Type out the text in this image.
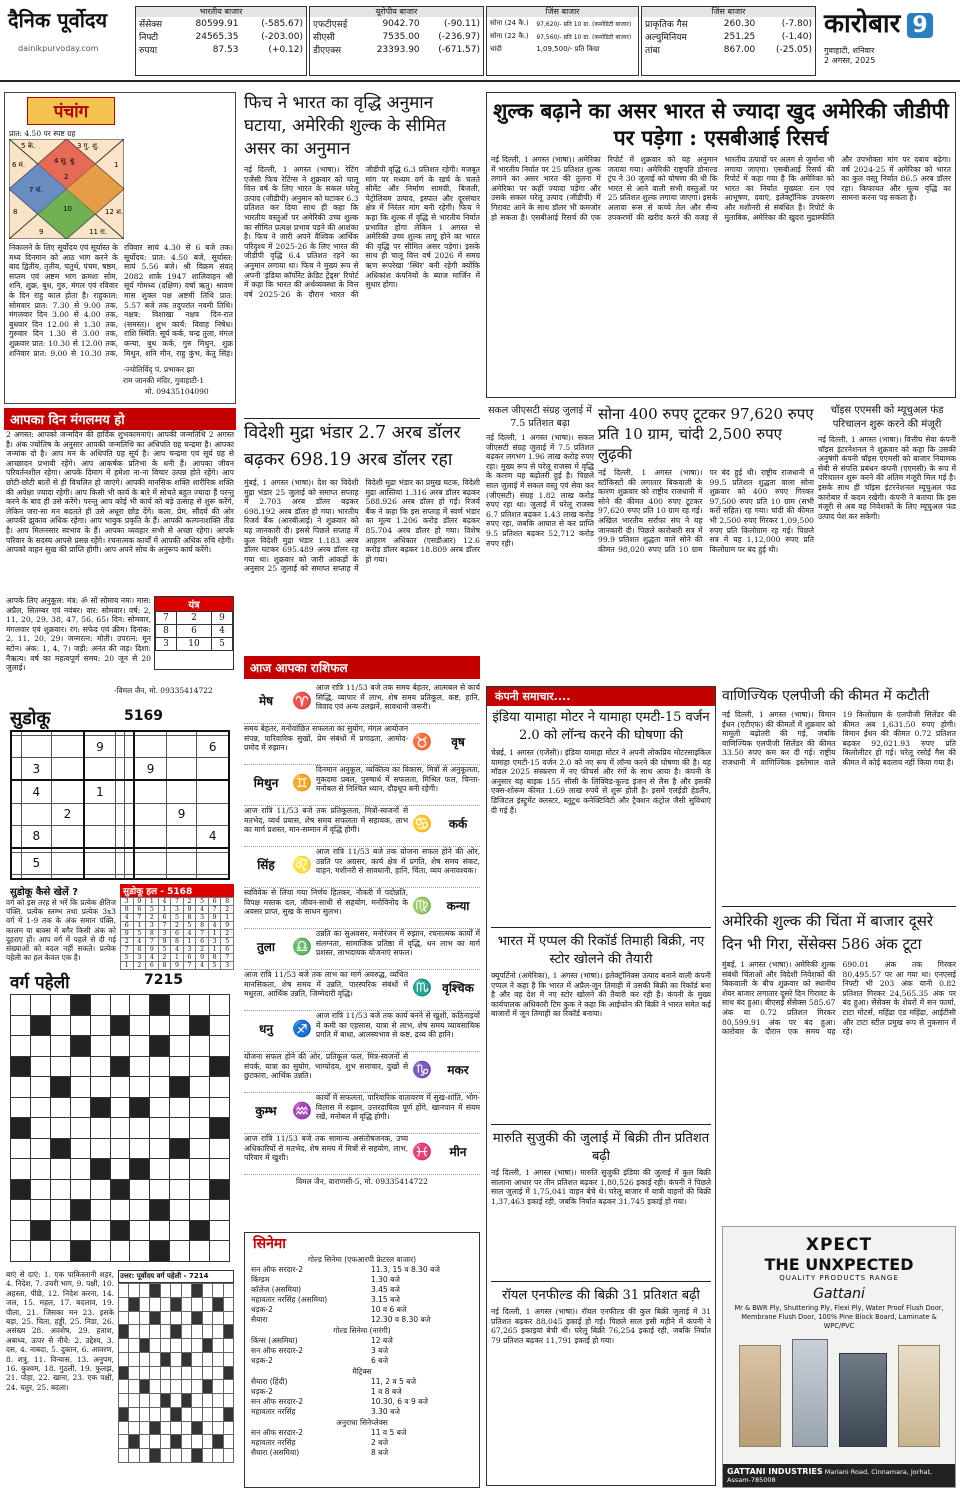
दैनिक पूर्वोदय
dainikpurvoday.com
भारतीय बाजार
सेंसेक्स	80599.91	(-585.67)
निफ्टी	24565.35	(-203.00)
रुपया	87.53	(+0.12)
यूरोपीय बाजार
एफटीएसई	9042.70	(-90.11)
सीएसी	7535.00	(-236.97)
डीएएक्स	23393.90	(-671.57)
जिंस बाजार
सोना (24 कै.)	97,620/- प्रति 10 ग्रा. (कमोडिटी बाजार)
सोना (22 कै.)	97,560/- प्रति 10 ग्रा. (कमोडिटी बाजार)
चांदी	1,09,500/- प्रति किग्रा
जिंस बाजार
प्राकृतिक गैस	260.30	(-7.80)
अल्युमिनियम	251.25	(-1.40)
तांबा	867.00	(-25.05)
कारोबार 9
गुवाहाटी, शनिवार
2 अगस्त, 2025
पंचांग
प्रात: 4.50 पर स्पष्ट ग्रह
5 के.	3 गु. शु.
2
6 मं.	4 सू. बु.	1
7 चं.
8	10	12 श.
9	11 रा.
निकालने के लिए सूर्योदय एवं सूर्यास्त के मध्य दिनमान को आठ भाग करने के बाद द्वितीय, तृतीय, चतुर्थ, पंचम, षष्ठम, सप्तम एवं अष्टम भाग क्रमशः सोम, शनि, शुक्र, बुध, गुरु, मंगल एवं रविवार के दिन राहु काल होता है। राहुकाल: सोमवार प्रात: 7.30 से 9.00 तक, मंगलवार दिन 3.00 से 4.00 तक, बुधवार दिन 12.00 से 1.30 तक, गुरुवार दिन 1.30 से 3.00 तक, शुक्रवार प्रात: 10.30 से 12.00 तक, शनिवार प्रात: 9.00 से 10.30 तक, रविवार सायं 4.30 से 6 बजे तक। सूर्योदय: प्रात: 4.50 बजे, सूर्यास्त: सायं 5.56 बजे। श्री विक्रम संवत् 2082 शाके 1947 शालिवाहन श्री सूर्य गोमध्य (दक्षिण) वर्षा ऋतु। श्रावण मास शुक्ल पक्ष अष्टमी तिथि प्रात: 5.57 बजे तक तदुपरांत नवमी तिथि। नक्षत्र: विशाखा नक्षत्र दिन-रात (समस्त)। शुभ कार्य: विवाह निषेध। राशि स्थिति: सूर्य कर्क, चन्द्र तुला, मंगल कन्या, बुध कर्क, गुरु मिथुन, शुक्र मिथुन, शनि मीन, राहु कुंभ, केतु सिंह।
-ज्योतिर्विद् पं. प्रभाकर झा
राम जानकी मंदिर, गुवाहाटी-1
मो. 09435104090
आपका दिन मंगलमय हो
2 अगस्त: आपको जन्मदिन की हार्दिक शुभकामनाएं। आपकी जन्मतिथि 2 अगस्त है। अंक ज्योतिष के अनुसार आपकी जन्मतिथि का अधिपति ग्रह चन्द्रमा है। आपका जन्मांक दो है। आप मन के अधिपति ग्रह सूर्य है। आप चन्द्रमा एवं सूर्य ग्रह से आच्छादन प्रभावी रहेंगे। आप आकर्षक प्रतिभा के धनी हैं। आपका जीवन परिवर्तनशील रहेगा। आपके दिमाग में हमेशा ना-ना विचार उत्पन्न होते रहेंगे। आप छोटी-छोटी बातों से ही विचलित हो जाएंगे। आपकी मानसिक शक्ति शारीरिक शक्ति की अपेक्षा ज्यादा रहेगी। आप किसी भी कार्य के बारे में सोचते बहुत ज्यादा हैं परन्तु करने के बाद ही उसे करेंगे। परन्तु आप कोई भी कार्य को बड़े उत्साह से शुरू करेंगे, लेकिन जरा-सा मन बदलते ही उसे अधूरा छोड़ देंगे। कला, प्रेम, सौंदर्य की ओर आपकी झुकाव अधिक रहेगा। आप भावुक प्रकृति के हैं। आपकी कल्पनाशक्ति तीव्र है। आप मिलनसार स्वभाव के हैं। आपका व्यवहार सभी से अच्छा रहेगा। आपके परिवार के सदस्य आपसे प्रसन्न रहेंगे। रचनात्मक कार्यों में आपकी अधिक रुचि रहेगी। आपको वाहन सुख की प्राप्ति होगी। आप अपने सोच के अनुरूप कार्य करेंगे।
यंत्र
7	2	9
8	6	4
3	10	5
आपके लिए अनुकूल: मंत्र: ॐ सों सोमाय नमः। मास: अप्रैल, सितम्बर एवं नवंबर। वार: सोमवार। वर्ष: 2, 11, 20, 29, 38, 47, 56, 65। दिन: सोमवार, मंगलवार एवं शुक्रवार। रंग: सफेद एवं क्रीम। दिनांक: 2, 11, 20, 29। जन्मरत्न: मोती। उपरत्न: मून स्टोन। अंक: 1, 4, 7। जड़ी: अनंत की जड़। दिशा: नैऋत्य। वर्ष का महत्वपूर्ण समय: 20 जून से 20 जुलाई।
-विमल जैन, मो. 09335414722
सुडोकू	5169

			9					6
	3					9		
	4		1					
		2					9	
	8							4

	5							

सुडोकू कैसे खेलें ?
वर्ग को इस तरह से भरें कि प्रत्येक क्षैतिज पंक्ति, प्रत्येक स्तम्भ तथा प्रत्येक 3x3 वर्ग में 1-9 तक के अंक समान पंक्ति, कालम या बाक्स में बगैर किसी अंक को दुहराए हों। आप वर्ग में पहले से दी गई संख्याओं को बदल नहीं सकते। प्रत्येक पहेली का हल केवल एक है।
सुडोकू हल - 5168
3	9	1	4	7	2	5	6	8
8	6	5	1	3	9	4	7	2
4	7	2	6	5	8	3	9	1
6	1	3	7	2	5	8	4	9
9	5	8	3	6	4	7	1	2
2	4	7	9	8	1	6	3	5
7	8	9	5	4	3	2	1	6
5	3	4	2	1	6	9	8	7
1	2	6	8	9	7	4	5	3
वर्ग पहेली	7215

बाएं से दाएं: 1. एक पाकिस्तानी शहर, 4. निदेश, 7. उचरी भाग, 9. पक्षी, 10. अहस्ता, पीछे, 12. निदेश करना, 14. जल, 15. महल, 17. बदलाव, 19. पीला, 21. जिसका मन 23. इसके बड़ा, 25. चिता, हड्डी, 25. निडा, 26. असंख्य 28. अवशेष, 29. हताश, अबाध्य, ऊपर से नीचे: 2. उद्देश्य, 3. दस, 4. नाबदा, 5. दुकान, 6. आवरण, 8. शत्रु, 11. विन्यास, 13. अनुपम, 16. कुश्वम, 18. गुठली, 19. फुलझ, 21. पोहा, 22. खाना, 23. एक पक्षी, 24. चतुर, 25. बदला।
उत्तर: पूर्वोदय वर्ग पहेली - 7214

फिच ने भारत का वृद्धि अनुमान घटाया, अमेरिकी शुल्क के सीमित असर का अनुमान
नई दिल्ली, 1 अगस्त (भाषा)। रेटिंग एजेंसी फिच रेटिंग्स ने शुक्रवार को चालू वित्त वर्ष के लिए भारत के सकल घरेलू उत्पाद (जीडीपी) अनुमान को घटाकर 6.3 प्रतिशत कर दिया साथ ही कहा कि भारतीय वस्तुओं पर अमेरिकी उच्च शुल्क का सीमित प्रत्यक्ष प्रभाव पड़ने की आशंका है। फिच ने जारी अपने वैश्विक आर्थिक परिदृश्य में 2025-26 के लिए भारत की जीडीपी वृद्धि 6.4 प्रतिशत रहने का अनुमान लगाया था। फिच ने मुख्य रूप से अपनी 'इंडिया कॉर्पोरेट क्रेडिट ट्रेंड्स' रिपोर्ट में कहा कि भारत की अर्थव्यवस्था के वित्त वर्ष 2025-26 के दौरान भारत की जीडीपी वृद्धि 6.3 प्रतिशत रहेगी। मजबूत मांग पर मध्यम वर्ग के खर्च के चलते सीमेंट और निर्माण सामग्री, बिजली, पेट्रोलियम उत्पाद, इस्पात और दूरसंचार क्षेत्र में निरंतर मांग बनी रहेगी। फिच ने कहा कि शुल्क में वृद्धि से भारतीय निर्यात प्रभावित होगा लेकिन 1 अगस्त से अमेरिकी उच्च शुल्क लागू होने का भारत की वृद्धि पर सीमित असर पड़ेगा। इसके साथ ही चालू वित्त वर्ष 2026 में समग्र ऋण रूपरेखा 'स्थिर' बनी रहेगी क्योंकि अधिकांश कंपनियों के ब्याज मार्जिन में सुधार होगा।
विदेशी मुद्रा भंडार 2.7 अरब डॉलर बढ़कर 698.19 अरब डॉलर रहा
मुंबई, 1 अगस्त (भाषा)। देश का विदेशी मुद्रा भंडार 25 जुलाई को समाप्त सप्ताह में 2.703 अरब डॉलर बढ़कर 698.192 अरब डॉलर हो गया। भारतीय रिजर्व बैंक (आरबीआई) ने शुक्रवार को यह जानकारी दी। इससे पिछले सप्ताह में कुल विदेशी मुद्रा भंडार 1.183 अरब डॉलर घटकर 695.489 अरब डॉलर रह गया था। शुक्रवार को जारी आंकड़ों के अनुसार 25 जुलाई को समाप्त सप्ताह में विदेशी मुद्रा भंडार का प्रमुख घटक, विदेशी मुद्रा आस्तियां 1.316 अरब डॉलर बढ़कर 588.926 अरब डॉलर हो गईं। रिजर्व बैंक ने कहा कि इस सप्ताह में स्वर्ण भंडार का मूल्य 1.206 करोड़ डॉलर बढ़कर 85.704 अरब डॉलर हो गया। विशेष आहरण अधिकार (एसडीआर) 12.6 करोड़ डॉलर बढ़कर 18.809 अरब डॉलर हो गया।
आज आपका राशिफल
मेष	♈
आज रात्रि 11/53 बजे तक समय बेहतर, आत्मबल से कार्य सिद्धि, व्यापार में लाभ, शेष समय प्रतिकूल, कष्ट, हानि, विवाद एवं अन्य उलझनें, सावधानी जरूरी।
वृष
♉
समय बेहतर, मनोवांछित सफलता का सुयोग, मंगल आयोजन संपन्न, पारिवारिक सुखों, प्रेम संबंधों में प्रगाढ़ता, आमोद-प्रमोद में रुझान।
मिथुन ♊
दिनमान अनुकूल, व्यक्तित्व का विकास, मित्रों से अनुकूलता, मुकदमा प्रबल, पुरुषार्थ में सफलता, मिश्रित फल, चिन्ता-मनोबल से निश्चित ध्यान, दौड़धूप बनी रहेगी।
कर्क
♋
आज रात्रि 11/53 बजे तक प्रतिकूलता, मित्रों-स्वजनों से मतभेद, व्यर्थ प्रयास, शेष समय सफलता में सहायक, लाभ का मार्ग प्रशस्त, मान-सम्मान में वृद्धि होगी।
सिंह	♌
आज रात्रि 11/53 बजे तक योजना सफल होने की ओर, उन्नति पर अग्रसर, कार्य क्षेत्र में प्रगति, शेष समय संकट, वाहन, मशीनरी से सावधानी, हानि, चिंता, व्यय अनावश्यक।
कन्या
♍
स्वविवेक से लिया गया निर्णय हितकर, नौकरी में पदोन्नति, विपक्ष मस्तक दल, जीवन-साथी से सहयोग, मनोविनोद के अवसर प्राप्त, सुख के साधन सुलभ।
तुला	♎
उन्नति का सुअवसर, मनोरंजन में रुझान, रचनात्मक कार्यों में संलग्नता, सामाजिक प्रतिष्ठा में वृद्धि, धन लाभ का मार्ग प्रशस्त, लाभदायक योजनाएं सफल।
वृश्चिक
♏
आज रात्रि 11/53 बजे तक लाभ का मार्ग अवरुद्ध, व्यथित मानसिकता, शेष समय में उन्नति, पारस्परिक संबंधों में मधुरता, आर्थिक उन्नति, जिम्मेदारी वृद्धि।
धनु	♐
आज रात्रि 11/53 बजे तक कार्य बनने से खुशी, कठिनाइयों में कमी का एहसास, यात्रा से लाभ, शेष समय व्यावसायिक प्रगति में बाधा, आलस्यभाव से कष्ट, द्रव्य की हानि।
मकर
♑
योजना सफल होने की ओर, प्रतिकूल फल, मित्र-स्वजनों से संपर्क, यात्रा का सुयोग, भाग्योदय, शुभ समाचार, दुखों से छुटकारा, आर्थिक उन्नति।
कुम्भ ♒
कार्यों में सफलता, पारिवारिक वातावरण में सुख-शांति, भोग-विलास में रुझान, उत्तरदायित्व पूर्ण होंगे, खानपान में संयम रखें, मनोबल में वृद्धि होगी।
मीन
♓
आज रात्रि 11/53 बजे तक सामान्य असंतोषजनक, उच्च अधिकारियों से मतभेद, शेष समय में मित्रों से सहयोग, लाभ, परिवार में खुशी।
विमल जैन, वाराणसी-5, मो. 09335414722
सिनेमा
गोल्ड सिनेमा (एफआरपी फ्रेटरल वाजार)
सन ऑफ सरदार-2	11.3, 15 व 8.30 बजे
किंग्डम	1.30 बजे
कॉलेज (असमिया)	3.45 बजे
महावतार नरसिंह (असमिया)	3.15 बजे
धड़क-2	10 व 6 बजे
सैयारा	12.30 व 8.30 बजे
गोल्ड सिनेमा (नारंगी)
किंग्स (असमिया)	12 बजे
सन ऑफ सरदार-2	3 बजे
धड़क-2	6 बजे
मैट्रिक्स
सैयारा (हिंदी)	11, 2 व 5 बजे
धड़क-2	1 व 8 बजे
सन ऑफ सरदार-2	10.30, 6 व 9 बजे
महावतार नरसिंह	3.30 बजे
अनुराधा सिनेप्लेक्स
सन ऑफ सरदार-2	11 व 5 बजे
महावतार नरसिंह	2 बजे
सैयारा (असमिया)	8 बजे
शुल्क बढ़ाने का असर भारत से ज्यादा खुद अमेरिकी जीडीपी पर पड़ेगा : एसबीआई रिसर्च
नई दिल्ली, 1 अगस्त (भाषा)। अमेरिका में भारतीय निर्यात पर 25 प्रतिशत शुल्क लगाने का असर भारत की तुलना में अमेरिका पर कहीं ज्यादा पड़ेगा और उसके सकल घरेलू उत्पाद (जीडीपी) में गिरावट आने के साथ डॉलर भी कमजोर हो सकता है। एसबीआई रिसर्च की एक रिपोर्ट में शुक्रवार को यह अनुमान जताया गया। अमेरिकी राष्ट्रपति डोनाल्ड ट्रंप ने 30 जुलाई को घोषणा की थी कि भारत से आने वाली सभी वस्तुओं पर 25 प्रतिशत शुल्क लगाया जाएगा। इसके अलावा रूस से कच्चे तेल और सैन्य उपकरणों की खरीद करने की वजह से भारतीय उत्पादों पर अलग से जुर्माना भी लगाया जाएगा। एसबीआई रिसर्च की रिपोर्ट में कहा गया है कि अमेरिका को भारत का निर्यात मुख्यतः रत्न एवं आभूषण, दवाएं, इलेक्ट्रॉनिक उपकरण और मशीनरी से संबंधित है। रिपोर्ट के मुताबिक, अमेरिका की खुदरा मुद्रास्फीति और उपभोक्ता मांग पर दबाव बढ़ेगा। वर्ष 2024-25 में अमेरिका को भारत का कुल वस्तु निर्यात 86.5 अरब डॉलर रहा। किफायत और मूल्य वृद्धि का सामना करना पड़ सकता है।
सकल जीएसटी संग्रह जुलाई में 7.5 प्रतिशत बढ़ा
नई दिल्ली, 1 अगस्त (भाषा)। सकल जीएसटी संग्रह जुलाई में 7.5 प्रतिशत बढ़कर लगभग 1.96 लाख करोड़ रुपए रहा। मुख्य रूप से घरेलू राजस्व में वृद्धि के कारण यह बढ़ोतरी हुई है। पिछले साल जुलाई में सकल वस्तु एवं सेवा कर (जीएसटी) संग्रह 1.82 लाख करोड़ रुपए रहा था। जुलाई में घरेलू राजस्व 6.7 प्रतिशत बढ़कर 1.43 लाख करोड़ रुपए रहा, जबकि आयात से कर प्राप्ति 9.5 प्रतिशत बढ़कर 52,712 करोड़ रुपए रही।
सोना 400 रुपए टूटकर 97,620 रुपए प्रति 10 ग्राम, चांदी 2,500 रुपए लुढ़की
नई दिल्ली, 1 अगस्त (भाषा)। स्टॉकिस्टों की लगातार बिकवाली के कारण शुक्रवार को राष्ट्रीय राजधानी में सोने की कीमत 400 रुपए टूटकर 97,620 रुपए प्रति 10 ग्राम रह गई। अखिल भारतीय सर्राफा संघ ने यह जानकारी दी। पिछले कारोबारी सत्र में 99.9 प्रतिशत शुद्धता वाले सोने की कीमत 98,020 रुपए प्रति 10 ग्राम पर बंद हुई थी। राष्ट्रीय राजधानी में 99.5 प्रतिशत शुद्धता वाला सोना शुक्रवार को 400 रुपए गिरकर 97,500 रुपए प्रति 10 ग्राम (सभी करों सहित) रह गया। चांदी की कीमत भी 2,500 रुपए गिरकर 1,09,500 रुपए प्रति किलोग्राम रह गई। पिछले सत्र में यह 1,12,000 रुपए प्रति किलोग्राम पर बंद हुई थी।
चॉइस एएमसी को म्यूचुअल फंड परिचालन शुरू करने की मंजूरी
नई दिल्ली, 1 अगस्त (भाषा)। वित्तीय सेवा कंपनी चॉइस इंटरनेशनल ने शुक्रवार को कहा कि उसकी अनुषंगी कंपनी चॉइस एएमसी को बाजार नियामक सेबी से संपत्ति प्रबंधन कंपनी (एएमसी) के रूप में परिचालन शुरू करने की अंतिम मंजूरी मिल गई है। इसके साथ ही चॉइस इंटरनेशनल म्यूचुअल फंड कारोबार में कदम रखेगी। कंपनी ने बताया कि इस मंजूरी से अब वह निवेशकों के लिए म्यूचुअल फंड उत्पाद पेश कर सकेगी।
कंपनी समाचार....
इंडिया यामाहा मोटर ने यामाहा एमटी-15 वर्जन 2.0 को लॉन्च करने की घोषणा की
चेन्नई, 1 अगस्त (एजेंसी)। इंडिया यामाहा मोटर ने अपनी लोकप्रिय मोटरसाइकिल यामाहा एमटी-15 वर्जन 2.0 को नए रूप में लॉन्च करने की घोषणा की है। यह मॉडल 2025 संस्करण में नए फीचर्स और रंगों के साथ आया है। कंपनी के अनुसार यह बाइक 155 सीसी के लिक्विड-कूल्ड इंजन से लैस है और इसकी एक्स-शोरूम कीमत 1.69 लाख रुपये से शुरू होती है। इसमें एलईडी हेडलैंप, डिजिटल इंस्ट्रूमेंट क्लस्टर, ब्लूटूथ कनेक्टिविटी और ट्रैक्शन कंट्रोल जैसी सुविधाएं दी गई हैं।
भारत में एप्पल की रिकॉर्ड तिमाही बिक्री, नए स्टोर खोलने की तैयारी
क्यूपर्टिनो (अमेरिका), 1 अगस्त (भाषा)। इलेक्ट्रॉनिक्स उत्पाद बनाने वाली कंपनी एप्पल ने कहा है कि भारत में अप्रैल-जून तिमाही में उसकी बिक्री का रिकॉर्ड बना है और वह देश में नए स्टोर खोलने की तैयारी कर रही है। कंपनी के मुख्य कार्यपालक अधिकारी टिम कुक ने कहा कि आईफोन की बिक्री ने भारत समेत कई बाजारों में जून तिमाही का रिकॉर्ड बनाया।
मारुति सुजुकी की जुलाई में बिक्री तीन प्रतिशत बढ़ी
नई दिल्ली, 1 अगस्त (भाषा)। मारुति सुजुकी इंडिया की जुलाई में कुल बिक्री सालाना आधार पर तीन प्रतिशत बढ़कर 1,80,526 इकाई रही। कंपनी ने पिछले साल जुलाई में 1,75,041 वाहन बेचे थे। घरेलू बाजार में यात्री वाहनों की बिक्री 1,37,463 इकाई रही, जबकि निर्यात बढ़कर 31,745 इकाई हो गया।
रॉयल एनफील्ड की बिक्री 31 प्रतिशत बढ़ी
नई दिल्ली, 1 अगस्त (भाषा)। रॉयल एनफील्ड की कुल बिक्री जुलाई में 31 प्रतिशत बढ़कर 88,045 इकाई हो गई। पिछले साल इसी महीने में कंपनी ने 67,265 इकाइयां बेची थीं। घरेलू बिक्री 76,254 इकाई रही, जबकि निर्यात 79 प्रतिशत बढ़कर 11,791 इकाई हो गया।
वाणिज्यिक एलपीजी की कीमत में कटौती
नई दिल्ली, 1 अगस्त (भाषा)। विमान ईंधन (एटीएफ) की कीमतों में शुक्रवार को मामूली बढ़ोतरी की गई, जबकि वाणिज्यिक एलपीजी सिलेंडर की कीमत 33.50 रुपए कम कर दी गई। राष्ट्रीय राजधानी में वाणिज्यिक इस्तेमाल वाले 19 किलोग्राम के एलपीजी सिलेंडर की कीमत अब 1,631.50 रुपए होगी। विमान ईंधन की कीमत 0.72 प्रतिशत बढ़कर 92,021.93 रुपए प्रति किलोलीटर हो गई। घरेलू रसोई गैस की कीमत में कोई बदलाव नहीं किया गया है।
अमेरिकी शुल्क की चिंता में बाजार दूसरे दिन भी गिरा, सेंसेक्स 586 अंक टूटा
मुंबई, 1 अगस्त (भाषा)। अमेरिकी शुल्क संबंधी चिंताओं और विदेशी निवेशकों की बिकवाली के बीच शुक्रवार को स्थानीय शेयर बाजार लगातार दूसरे दिन गिरावट के साथ बंद हुआ। बीएसई सेंसेक्स 585.67 अंक या 0.72 प्रतिशत गिरकर 80,599.91 अंक पर बंद हुआ। कारोबार के दौरान एक समय यह 690.01 अंक तक गिरकर 80,495.57 पर आ गया था। एनएसई निफ्टी भी 203 अंक यानी 0.82 प्रतिशत गिरकर 24,565.35 अंक पर बंद हुआ। सेंसेक्स के शेयरों में सन फार्मा, टाटा मोटर्स, महिंद्रा एंड महिंद्रा, आईटीसी और टाटा स्टील प्रमुख रूप से नुकसान में रहे।
XPECT
THE UNXPECTED
QUALITY PRODUCTS RANGE
Gattani
Mr & BWR Ply, Shuttering Ply, Flexi Ply, Water Proof Flush Door, Membrane Flush Door, 100% Pine Block Board, Laminate & WPC/PVC
GATTANI INDUSTRIES Mariani Road, Cinnamara, Jorhat, Assam-785008
